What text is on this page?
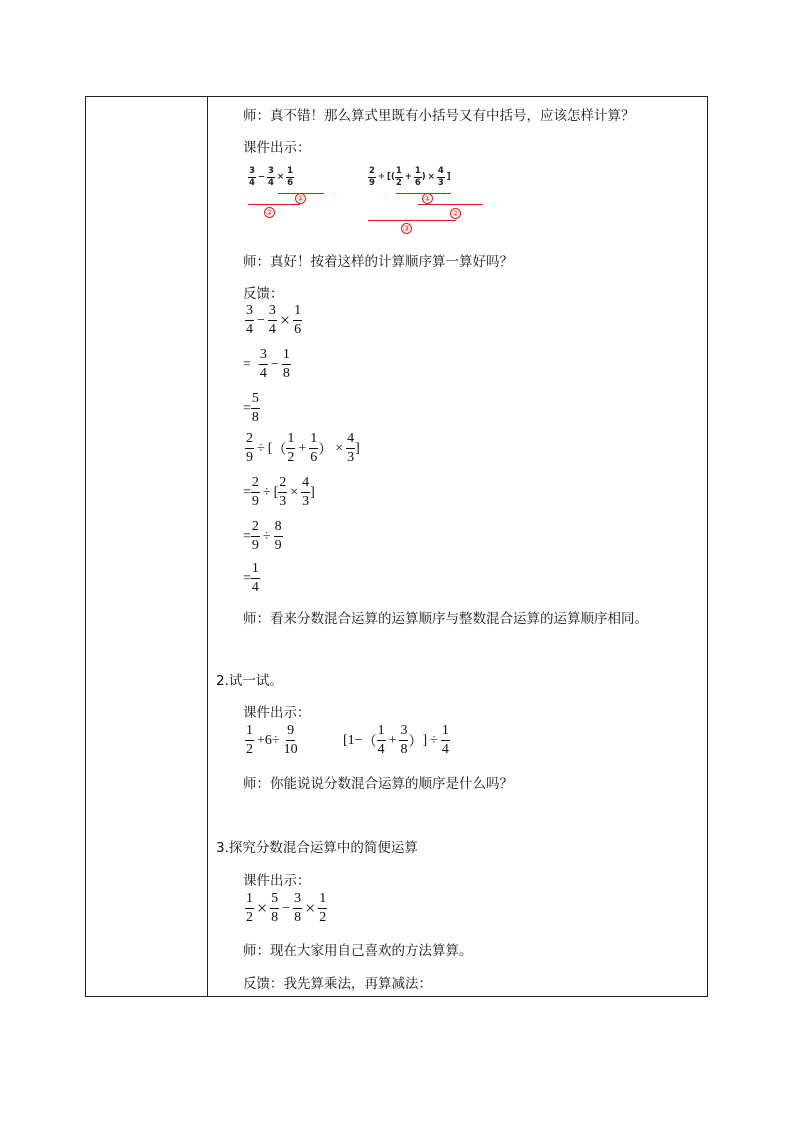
师：真不错！那么算式里既有小括号又有中括号，应该怎样计算？
课件出示：
$\frac{3}{4} - \frac{3}{4} \times \frac{1}{6}$
①
②
$\frac{2}{9}$ ÷ [ ( $\frac{1}{2} + \frac{1}{6}$ ) × $\frac{4}{3}$ ]
①
②
③
师：真好！按着这样的计算顺序算一算好吗？
反馈：
$\frac{3}{4} - \frac{3}{4} \times \frac{1}{6}$
= $\frac{3}{4} - \frac{1}{8}$
= $\frac{5}{8}$
$\frac{2}{9}$ ÷ [ （ $\frac{1}{2} + \frac{1}{6}$ ） × $\frac{4}{3}$ ]
= $\frac{2}{9}$ ÷ [ $\frac{2}{3} \times \frac{4}{3}$ ]
= $\frac{2}{9} \div \frac{8}{9}$
= $\frac{1}{4}$
师：看来分数混合运算的运算顺序与整数混合运算的运算顺序相同。
2.试一试。
课件出示：
$\frac{1}{2} +6\div \frac{9}{10}$	[1− （ $\frac{1}{4} + \frac{3}{8}$ ） ] ÷ $\frac{1}{4}$
师：你能说说分数混合运算的顺序是什么吗？
3.探究分数混合运算中的简便运算
课件出示：
$\frac{1}{2} \times \frac{5}{8} - \frac{3}{8} \times \frac{1}{2}$
师：现在大家用自己喜欢的方法算算。
反馈：我先算乘法，再算减法：
